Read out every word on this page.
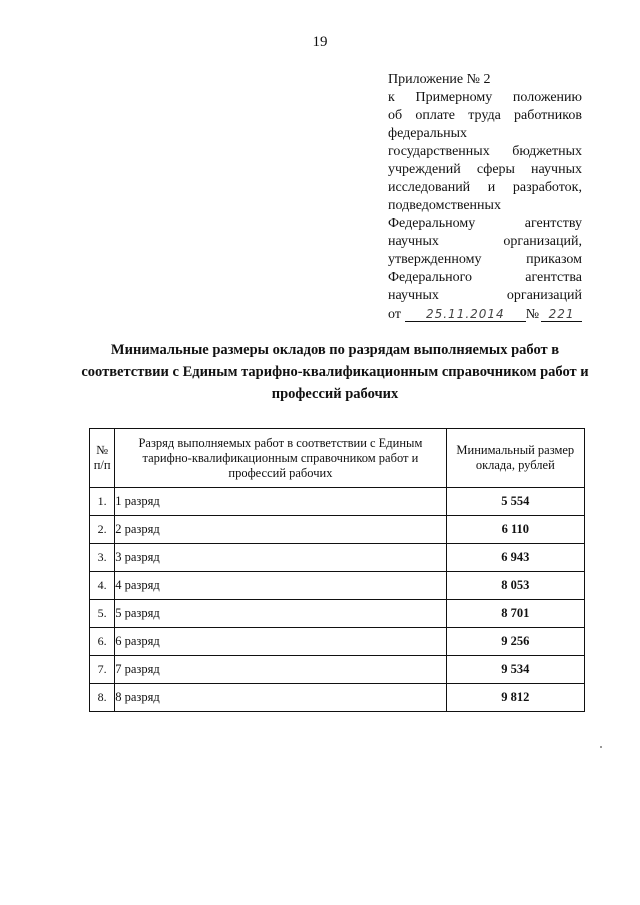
19
Приложение № 2
к Примерному положению
об оплате труда работников
федеральных
государственных бюджетных
учреждений сферы научных
исследований и разработок,
подведомственных
Федеральному агентству
научных организаций,
утвержденному приказом
Федерального агентства
научных организаций
от	25.11.2014	№ 221
Минимальные размеры окладов по разрядам выполняемых работ в соответствии с Единым тарифно-квалификационным справочником работ и профессий рабочих
№ п/п	Разряд выполняемых работ в соответствии с Единым тарифно-квалификационным справочником работ и профессий рабочих	Минимальный размер оклада, рублей
1.	1 разряд	5 554
2.	2 разряд	6 110
3.	3 разряд	6 943
4.	4 разряд	8 053
5.	5 разряд	8 701
6.	6 разряд	9 256
7.	7 разряд	9 534
8.	8 разряд	9 812
